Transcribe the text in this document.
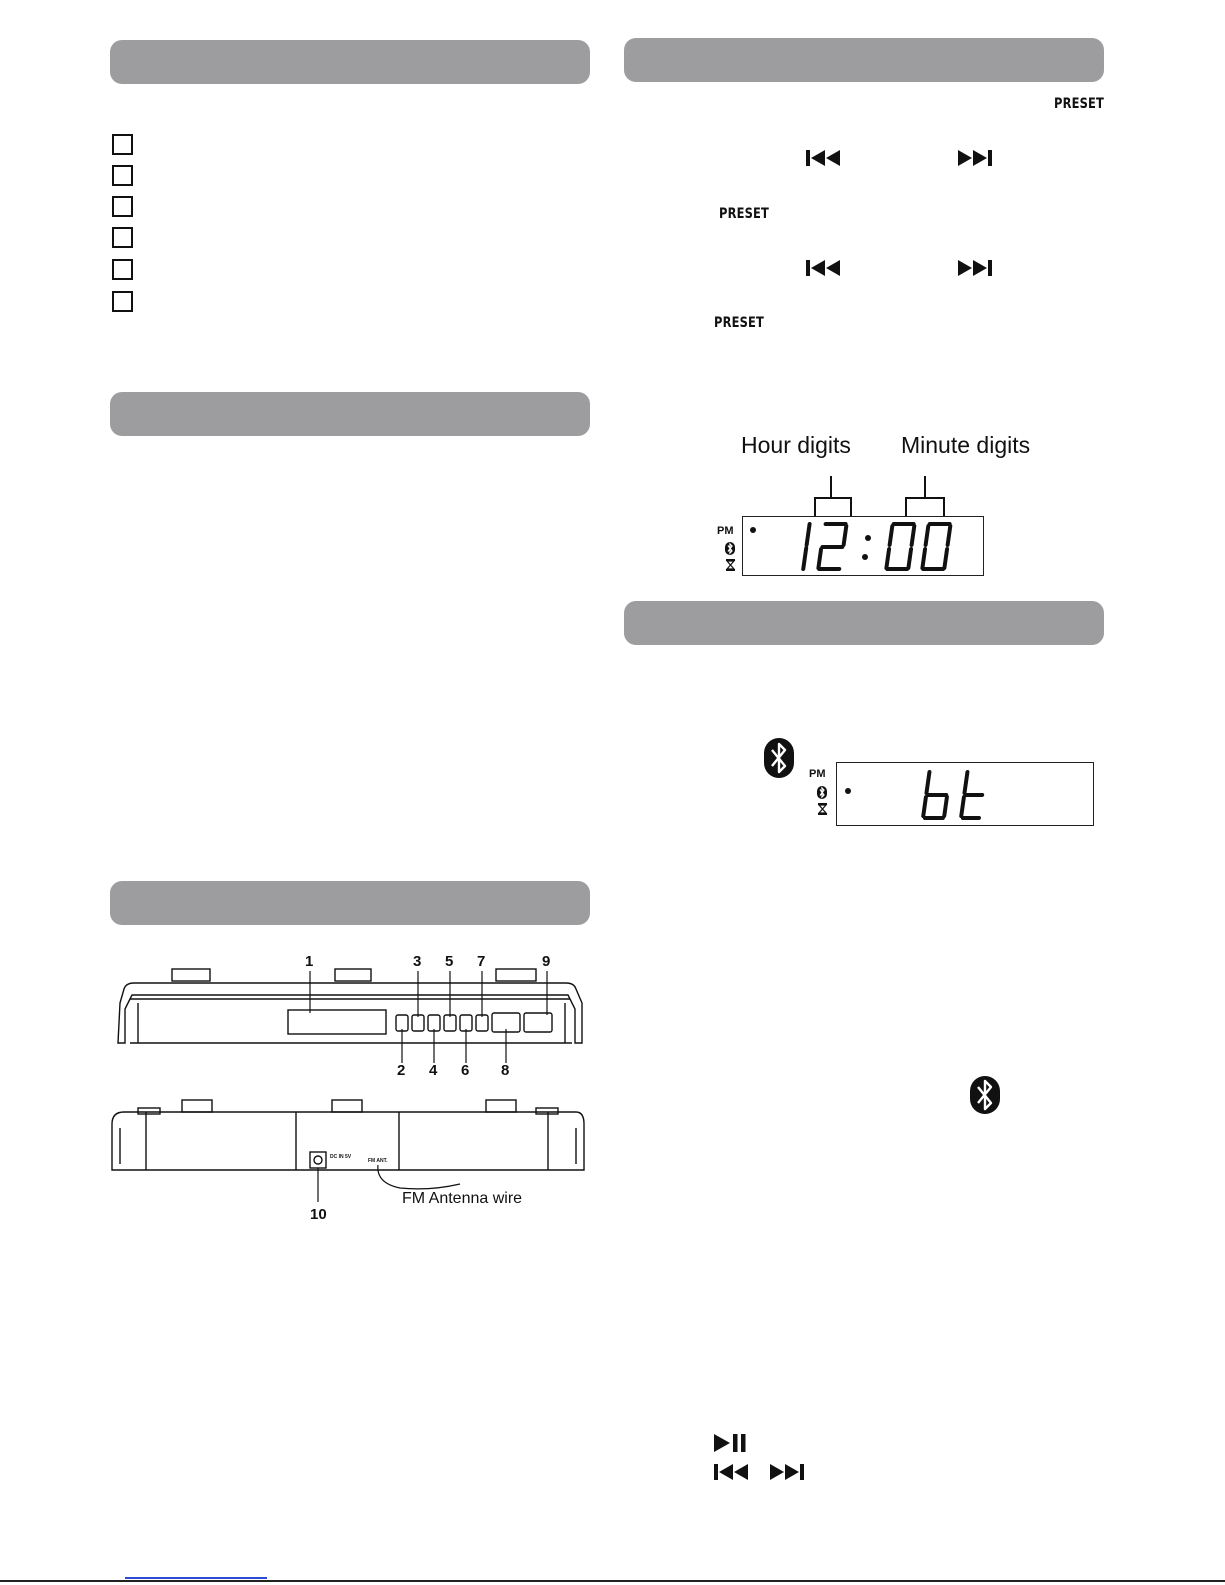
PRESET
PRESET
PRESET
Hour digits Minute digits
PM
PM
1	3 5 7	9
2 4 6 8
DC IN 5V
FM ANT.
10
FM Antenna wire
